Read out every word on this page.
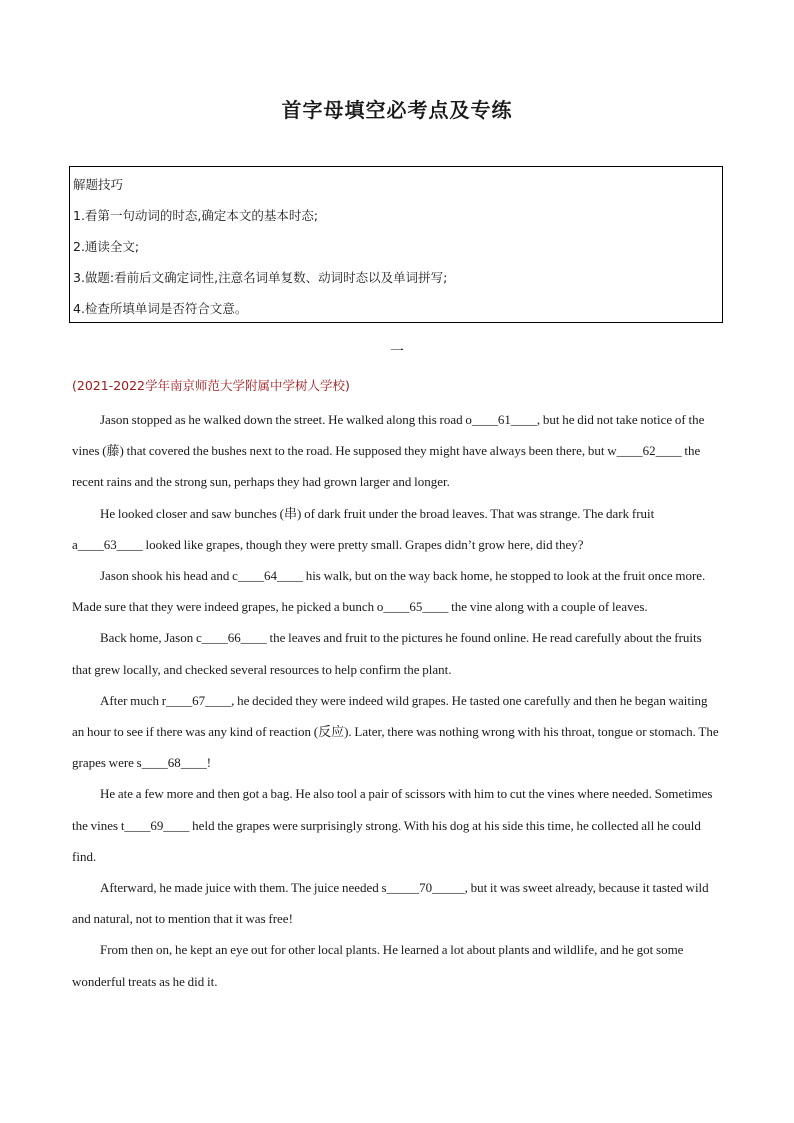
首字母填空必考点及专练
解题技巧
1.看第一句动词的时态,确定本文的基本时态;
2.通读全文;
3.做题:看前后文确定词性,注意名词单复数、动词时态以及单词拼写;
4.检查所填单词是否符合文意。
一
(2021-2022学年南京师范大学附属中学树人学校)

Jason stopped as he walked down the street. He walked along this road o____61____, but he did not take notice of the vines (藤) that covered the bushes next to the road. He supposed they might have always been there, but w____62____ the recent rains and the strong sun, perhaps they had grown larger and longer.

He looked closer and saw bunches (串) of dark fruit under the broad leaves. That was strange. The dark fruit a____63____ looked like grapes, though they were pretty small. Grapes didn’t grow here, did they?

Jason shook his head and c____64____ his walk, but on the way back home, he stopped to look at the fruit once more. Made sure that they were indeed grapes, he picked a bunch o____65____ the vine along with a couple of leaves.

Back home, Jason c____66____ the leaves and fruit to the pictures he found online. He read carefully about the fruits that grew locally, and checked several resources to help confirm the plant.

After much r____67____, he decided they were indeed wild grapes. He tasted one carefully and then he began waiting an hour to see if there was any kind of reaction (反应). Later, there was nothing wrong with his throat, tongue or stomach. The grapes were s____68____!

He ate a few more and then got a bag. He also tool a pair of scissors with him to cut the vines where needed. Sometimes the vines t____69____ held the grapes were surprisingly strong. With his dog at his side this time, he collected all he could find.

Afterward, he made juice with them. The juice needed s_____70_____, but it was sweet already, because it tasted wild and natural, not to mention that it was free!

From then on, he kept an eye out for other local plants. He learned a lot about plants and wildlife, and he got some wonderful treats as he did it.
